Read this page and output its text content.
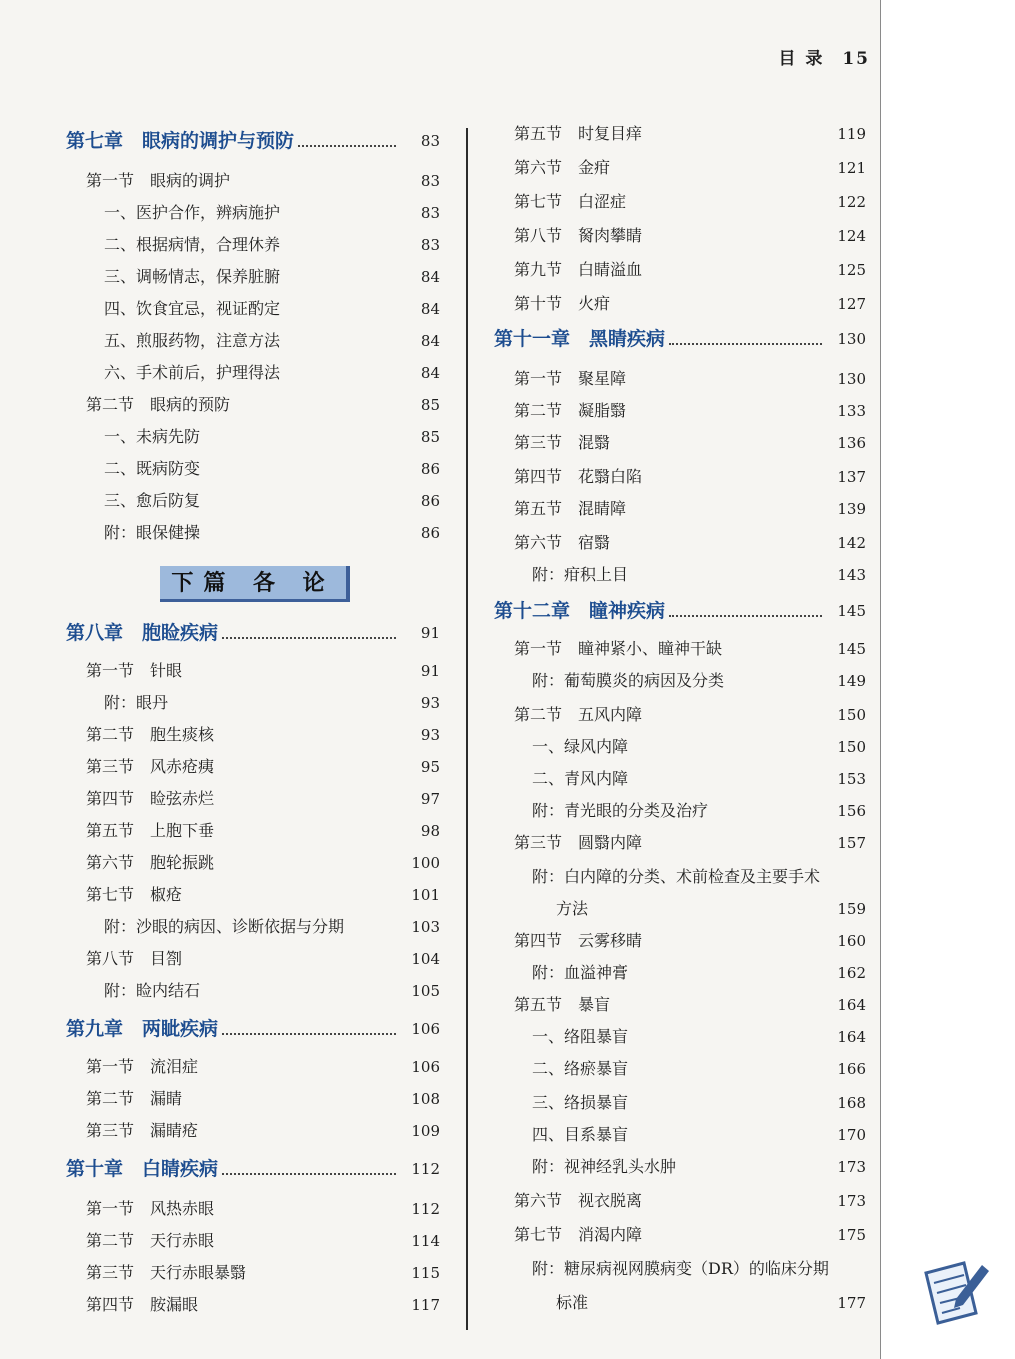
目 录 15
第七章　眼病的调护与预防	83
第一节　眼病的调护	83
一、医护合作，辨病施护	83
二、根据病情，合理休养	83
三、调畅情志，保养脏腑	84
四、饮食宜忌，视证酌定	84
五、煎服药物，注意方法	84
六、手术前后，护理得法	84
第二节　眼病的预防	85
一、未病先防	85
二、既病防变	86
三、愈后防复	86
附：眼保健操	86
第八章　胞睑疾病	91
第一节　针眼	91
附：眼丹	93
第二节　胞生痰核	93
第三节　风赤疮痍	95
第四节　睑弦赤烂	97
第五节　上胞下垂	98
第六节　胞轮振跳	100
第七节　椒疮	101
附：沙眼的病因、诊断依据与分期	103
第八节　目劄	104
附：睑内结石	105
第九章　两眦疾病	106
第一节　流泪症	106
第二节　漏睛	108
第三节　漏睛疮	109
第十章　白睛疾病	112
第一节　风热赤眼	112
第二节　天行赤眼	114
第三节　天行赤眼暴翳	115
第四节　胺漏眼	117
第五节　时复目痒	119
第六节　金疳	121
第七节　白涩症	122
第八节　胬肉攀睛	124
第九节　白睛溢血	125
第十节　火疳	127
第十一章　黑睛疾病	130
第一节　聚星障	130
第二节　凝脂翳	133
第三节　混翳	136
第四节　花翳白陷	137
第五节　混睛障	139
第六节　宿翳	142
附：疳积上目	143
第十二章　瞳神疾病	145
第一节　瞳神紧小、瞳神干缺	145
附：葡萄膜炎的病因及分类	149
第二节　五风内障	150
一、绿风内障	150
二、青风内障	153
附：青光眼的分类及治疗	156
第三节　圆翳内障	157
附：白内障的分类、术前检查及主要手术
方法	159
第四节　云雾移睛	160
附：血溢神膏	162
第五节　暴盲	164
一、络阻暴盲	164
二、络瘀暴盲	166
三、络损暴盲	168
四、目系暴盲	170
附：视神经乳头水肿	173
第六节　视衣脱离	173
第七节　消渴内障	175
附：糖尿病视网膜病变（DR）的临床分期
标准	177
下篇 各 论
